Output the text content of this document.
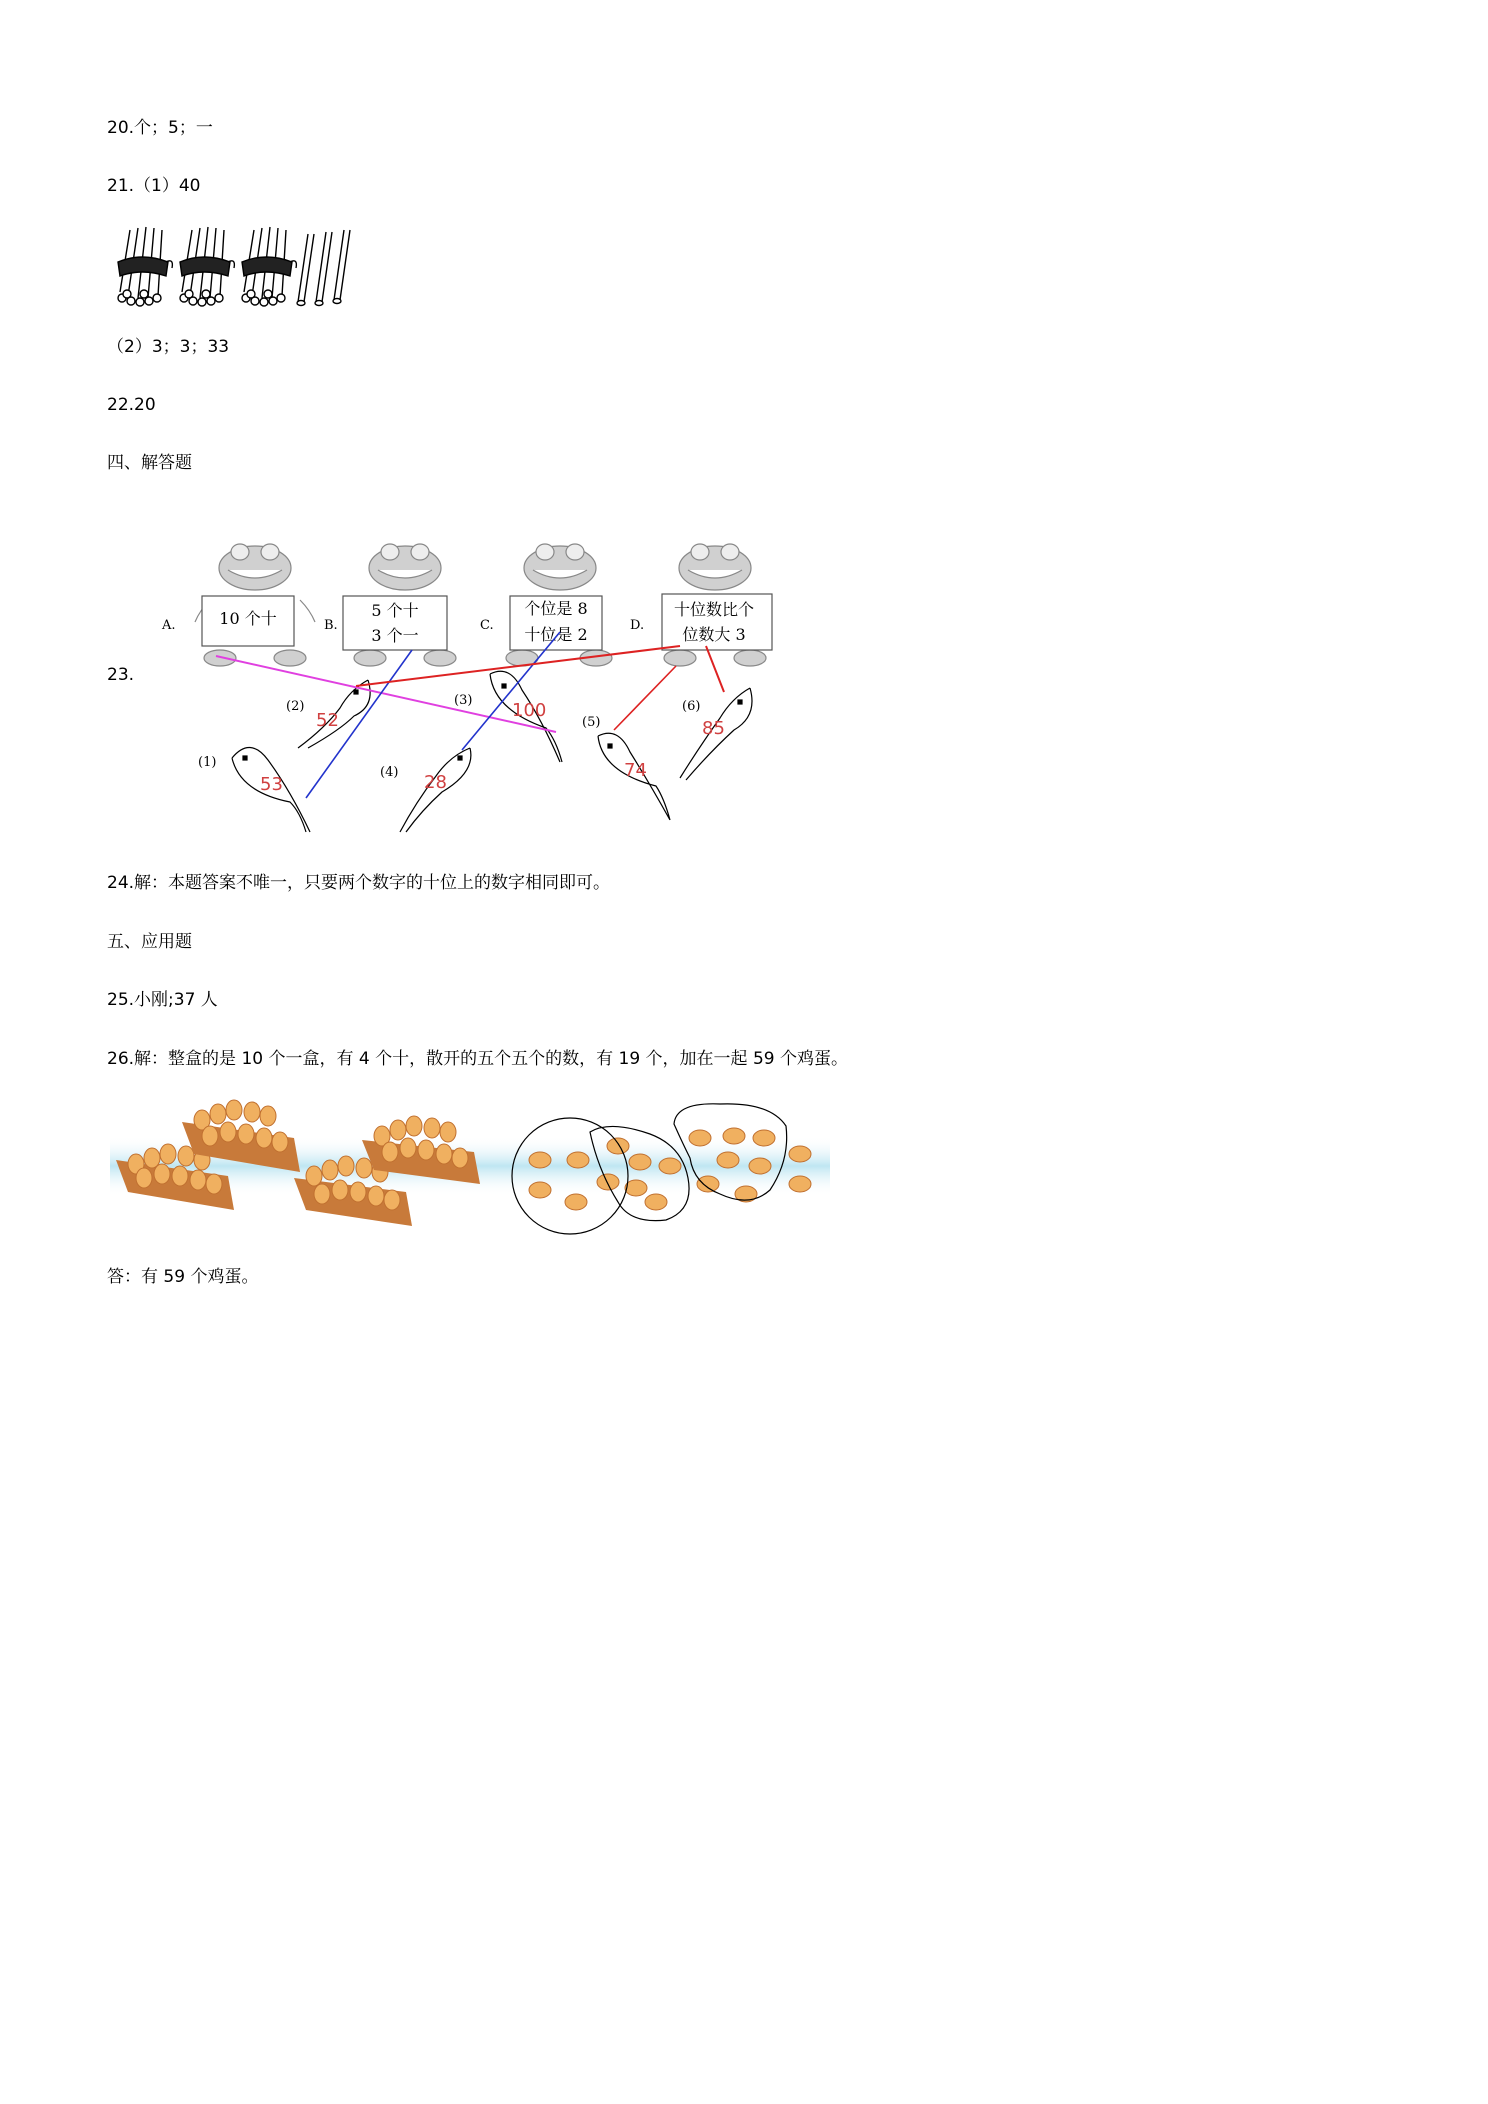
20.个；5；一
21.（1）40
（2）3；3；33
22.20
四、解答题
23.
A.	10 个十	B.
5 个十
3 个一
C.
个位是 8
十位是 2	D.
十位数比个
位数大 3
(1)
53
(2)
52
(3) 100
(4) 28
(5)
74
(6)
85
24.解：本题答案不唯一，只要两个数字的十位上的数字相同即可。
五、应用题
25.小刚;37 人
26.解：整盒的是 10 个一盒，有 4 个十，散开的五个五个的数，有 19 个，加在一起 59 个鸡蛋。
答：有 59 个鸡蛋。
